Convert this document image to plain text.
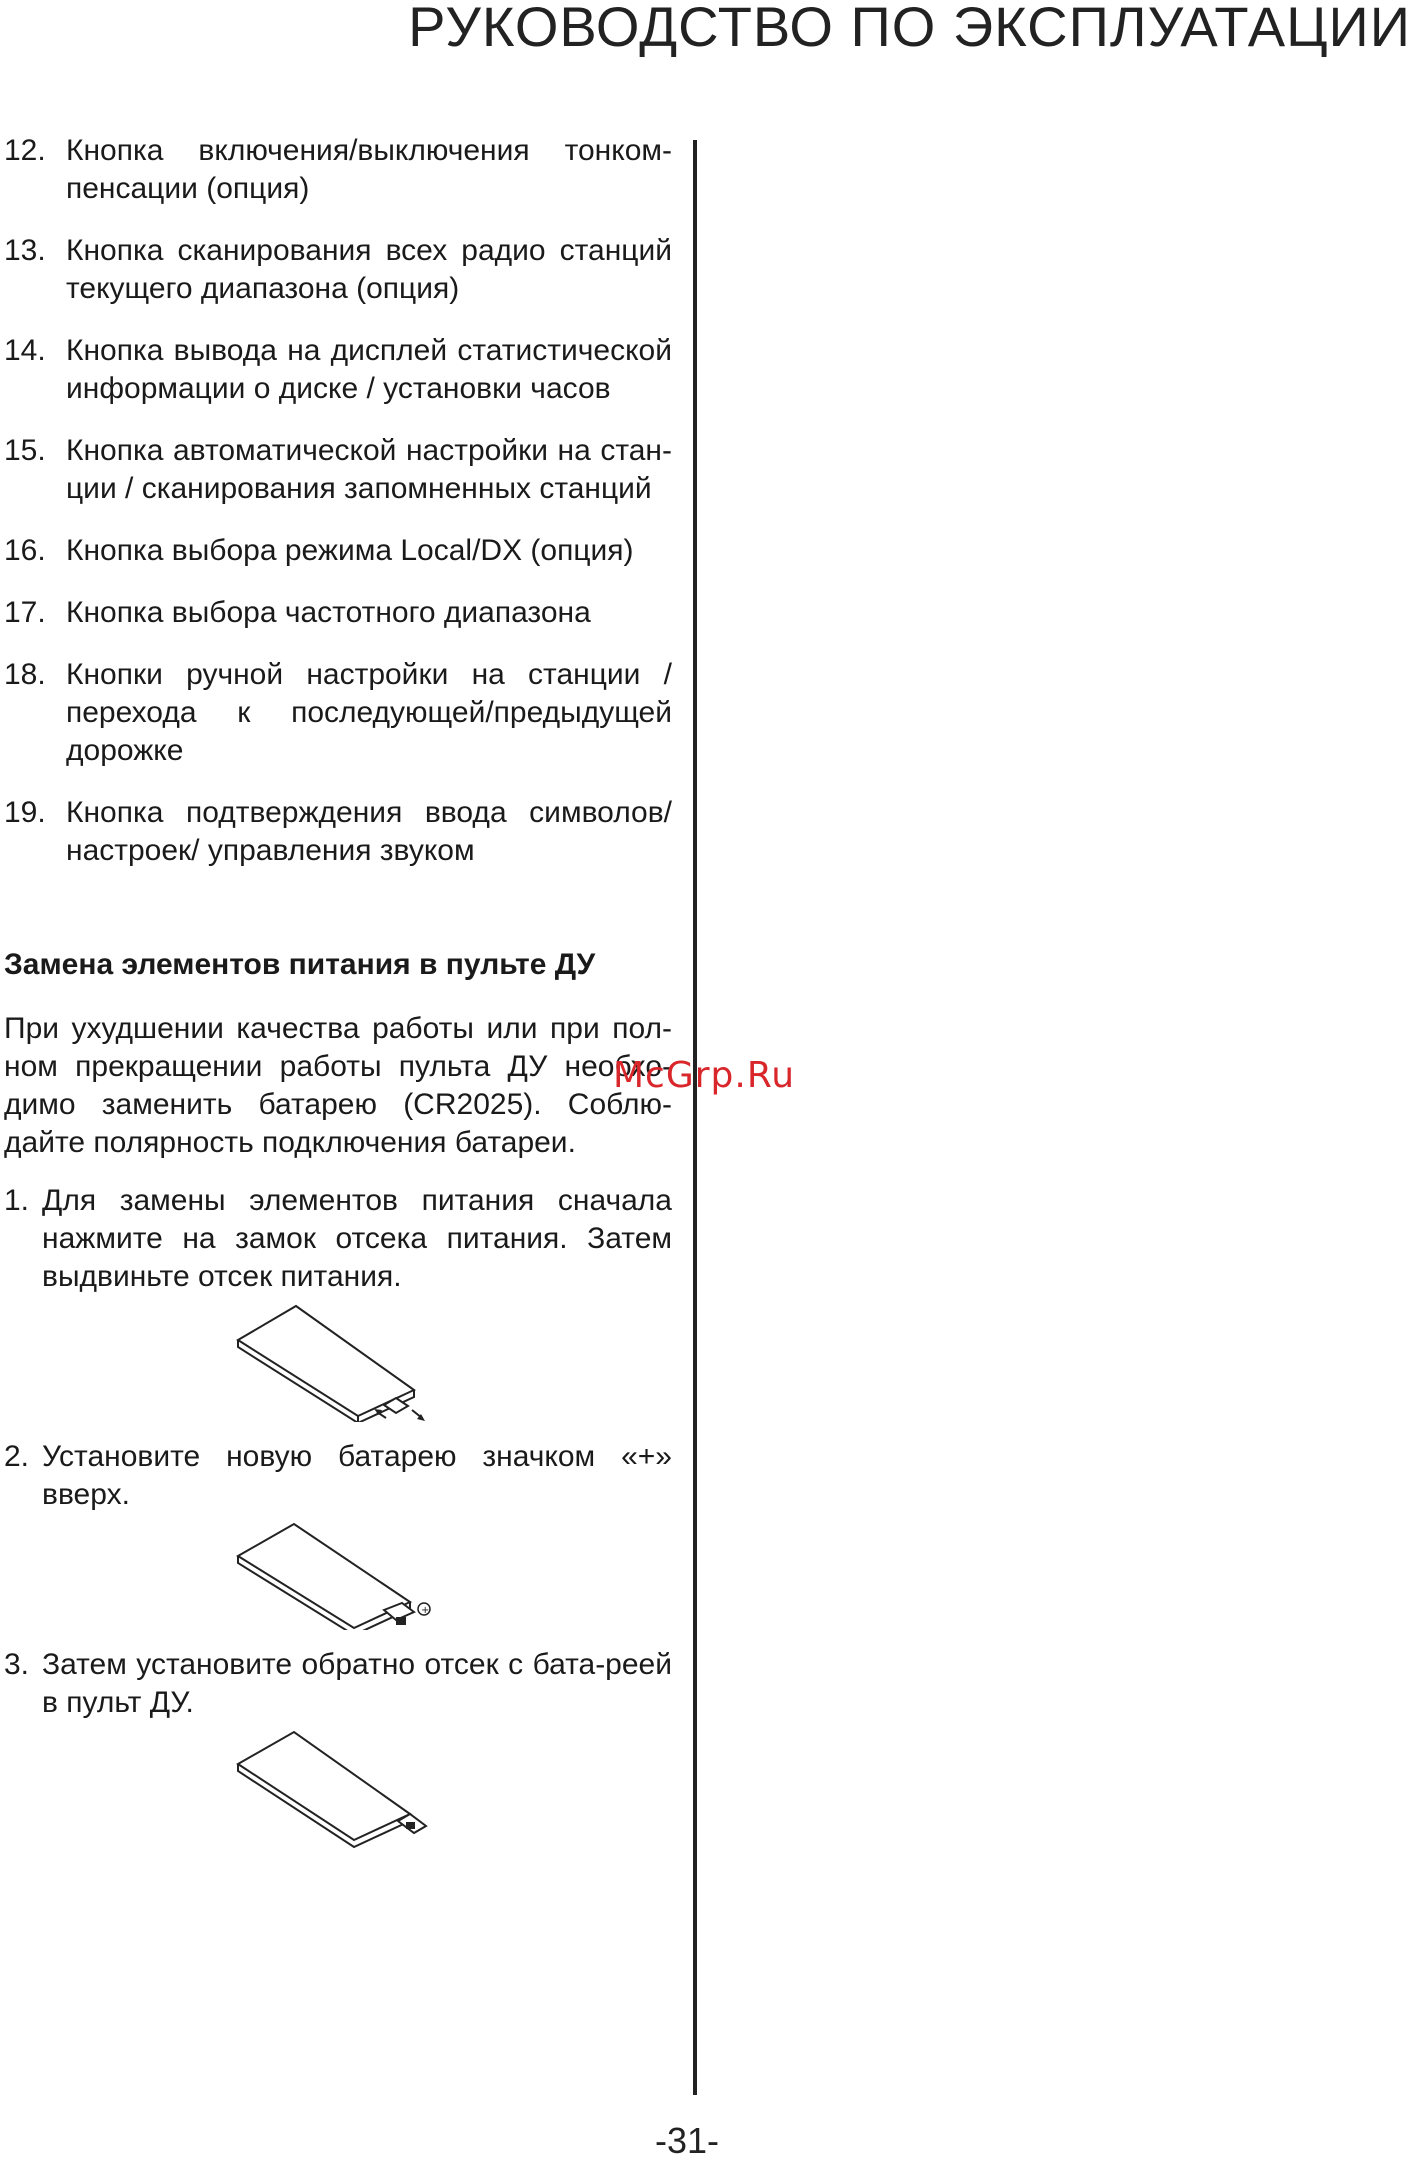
РУКОВОДСТВО ПО ЭКСПЛУАТАЦИИ
12. Кнопка включения/выключения тонком-пенсации (опция)
13. Кнопка сканирования всех радио станций текущего диапазона (опция)
14. Кнопка вывода на дисплей статистической информации о диске / установки часов
15. Кнопка автоматической настройки на стан-ции / сканирования запомненных станций
16. Кнопка выбора режима Local/DX (опция)
17. Кнопка выбора частотного диапазона
18. Кнопки ручной настройки на станции / перехода к последующей/предыдущей дорожке
19. Кнопка подтверждения ввода символов/ настроек/ управления звуком
Замена элементов питания в пульте ДУ
При ухудшении качества работы или при пол-ном прекращении работы пульта ДУ необхо-димо заменить батарею (CR2025). Соблю-дайте полярность подключения батареи.
1. Для замены элементов питания сначала нажмите на замок отсека питания. Затем выдвиньте отсек питания.
2. Установите новую батарею значком «+» вверх.
+
3. Затем установите обратно отсек с бата-реей в пульт ДУ.
McGrp.Ru
-31-
